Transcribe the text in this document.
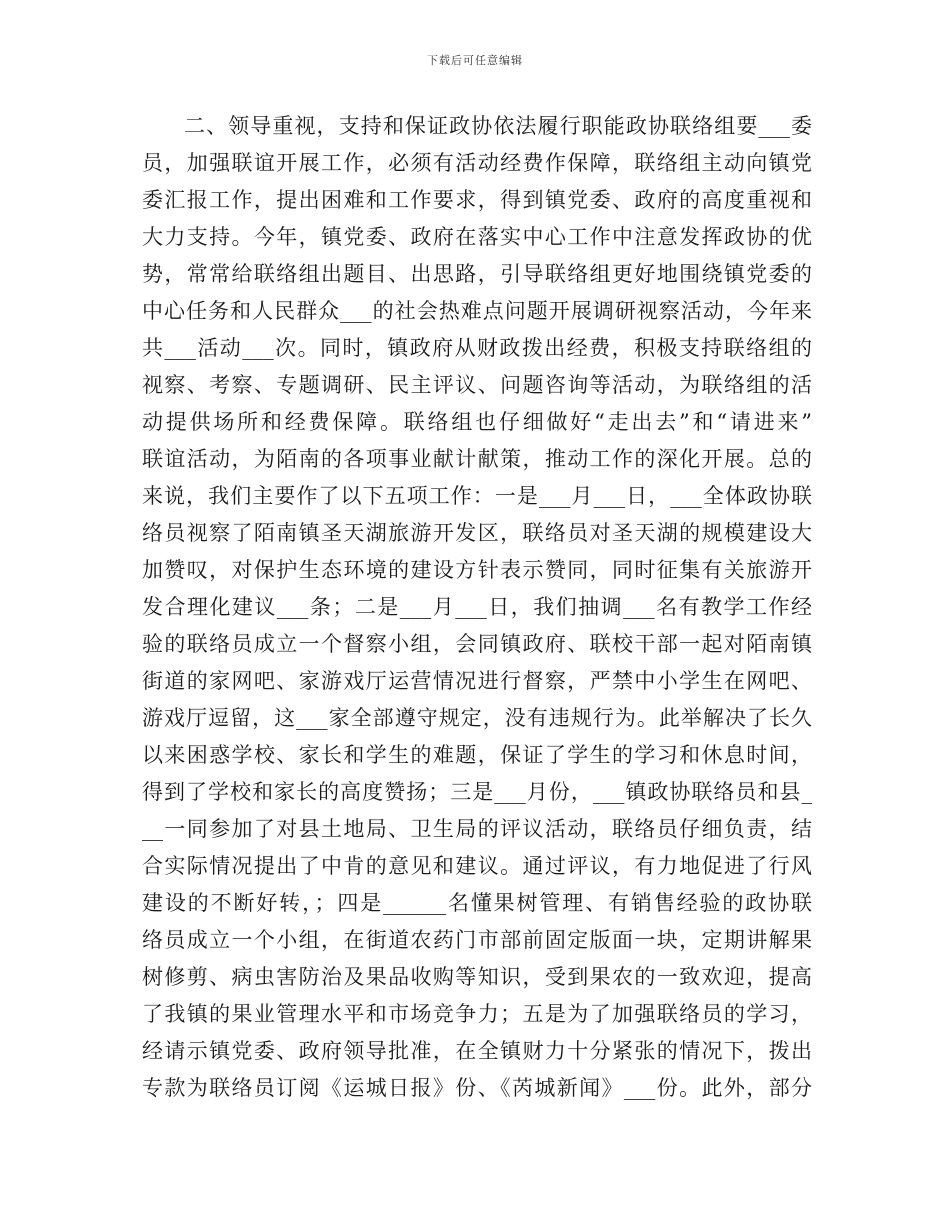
下载后可任意编辑
二、领导重视，支持和保证政协依法履行职能政协联络组要___委
员，加强联谊开展工作，必须有活动经费作保障，联络组主动向镇党
委汇报工作，提出困难和工作要求，得到镇党委、政府的高度重视和
大力支持。今年，镇党委、政府在落实中心工作中注意发挥政协的优
势，常常给联络组出题目、出思路，引导联络组更好地围绕镇党委的
中心任务和人民群众___的社会热难点问题开展调研视察活动，今年来
共___活动___次。同时，镇政府从财政拨出经费，积极支持联络组的
视察、考察、专题调研、民主评议、问题咨询等活动，为联络组的活
动提供场所和经费保障。联络组也仔细做好“走出去”和“请进来”
联谊活动，为陌南的各项事业献计献策，推动工作的深化开展。总的
来说，我们主要作了以下五项工作：一是___月___日，___全体政协联
络员视察了陌南镇圣天湖旅游开发区，联络员对圣天湖的规模建设大
加赞叹，对保护生态环境的建设方针表示赞同，同时征集有关旅游开
发合理化建议___条；二是___月___日，我们抽调___名有教学工作经
验的联络员成立一个督察小组，会同镇政府、联校干部一起对陌南镇
街道的家网吧、家游戏厅运营情况进行督察，严禁中小学生在网吧、
游戏厅逗留，这___家全部遵守规定，没有违规行为。此举解决了长久
以来困惑学校、家长和学生的难题，保证了学生的学习和休息时间，
得到了学校和家长的高度赞扬；三是___月份，___镇政协联络员和县_
__一同参加了对县土地局、卫生局的评议活动，联络员仔细负责，结
合实际情况提出了中肯的意见和建议。通过评议，有力地促进了行风
建设的不断好转，；四是______名懂果树管理、有销售经验的政协联
络员成立一个小组，在街道农药门市部前固定版面一块，定期讲解果
树修剪、病虫害防治及果品收购等知识，受到果农的一致欢迎，提高
了我镇的果业管理水平和市场竞争力；五是为了加强联络员的学习，
经请示镇党委、政府领导批准，在全镇财力十分紧张的情况下，拨出
专款为联络员订阅《运城日报》份、《芮城新闻》___份。此外，部分
